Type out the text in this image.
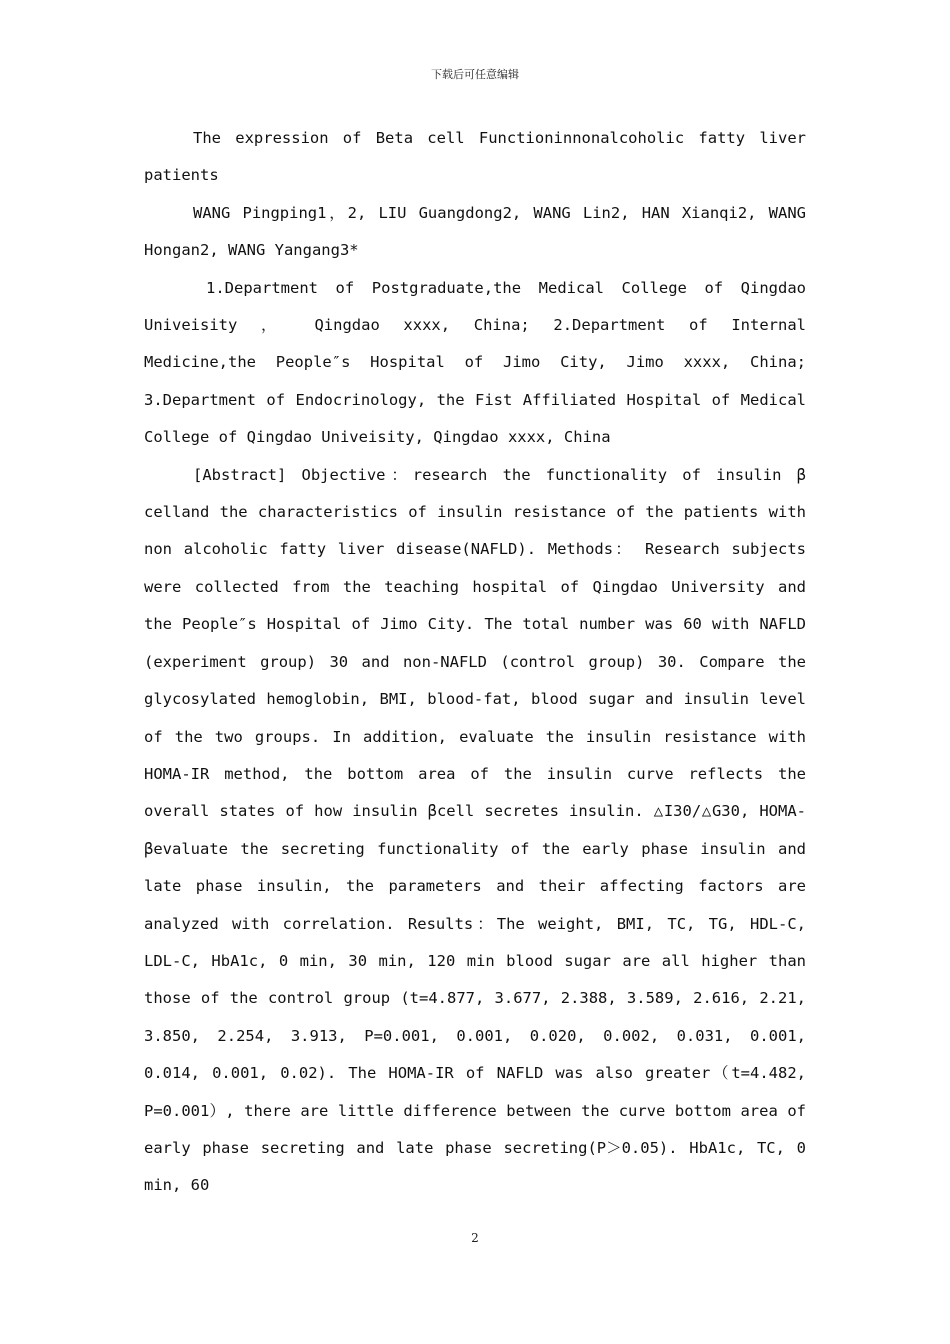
下载后可任意编辑

The expression of Beta cell Functioninnonalcoholic fatty liver patients

WANG Pingping1，2, LIU Guangdong2, WANG Lin2, HAN Xianqi2, WANG Hongan2, WANG Yangang3*

1.Department of Postgraduate,the Medical College of Qingdao Univeisity ， Qingdao xxxx, China; 2.Department of Internal Medicine,the People″s Hospital of Jimo City, Jimo xxxx, China; 3.Department of Endocrinology, the Fist Affiliated Hospital of Medical College of Qingdao Univeisity, Qingdao xxxx, China

[Abstract] Objective：research the functionality of insulin β celland the characteristics of insulin resistance of the patients with non alcoholic fatty liver disease(NAFLD). Methods： Research subjects were collected from the teaching hospital of Qingdao University and the People″s Hospital of Jimo City. The total number was 60 with NAFLD (experiment group) 30 and non-NAFLD (control group) 30. Compare the glycosylated hemoglobin, BMI, blood-fat, blood sugar and insulin level of the two groups. In addition, evaluate the insulin resistance with HOMA-IR method, the bottom area of the insulin curve reflects the overall states of how insulin βcell secretes insulin. △I30/△G30, HOMA-βevaluate the secreting functionality of the early phase insulin and late phase insulin, the parameters and their affecting factors are analyzed with correlation. Results：The weight, BMI, TC, TG, HDL-C, LDL-C, HbA1c, 0 min, 30 min, 120 min blood sugar are all higher than those of the control group (t=4.877, 3.677, 2.388, 3.589, 2.616, 2.21, 3.850, 2.254, 3.913, P=0.001, 0.001, 0.020, 0.002, 0.031, 0.001, 0.014, 0.001, 0.02). The HOMA-IR of NAFLD was also greater（t=4.482, P=0.001）, there are little difference between the curve bottom area of early phase secreting and late phase secreting(P＞0.05). HbA1c, TC, 0 min, 60

2
